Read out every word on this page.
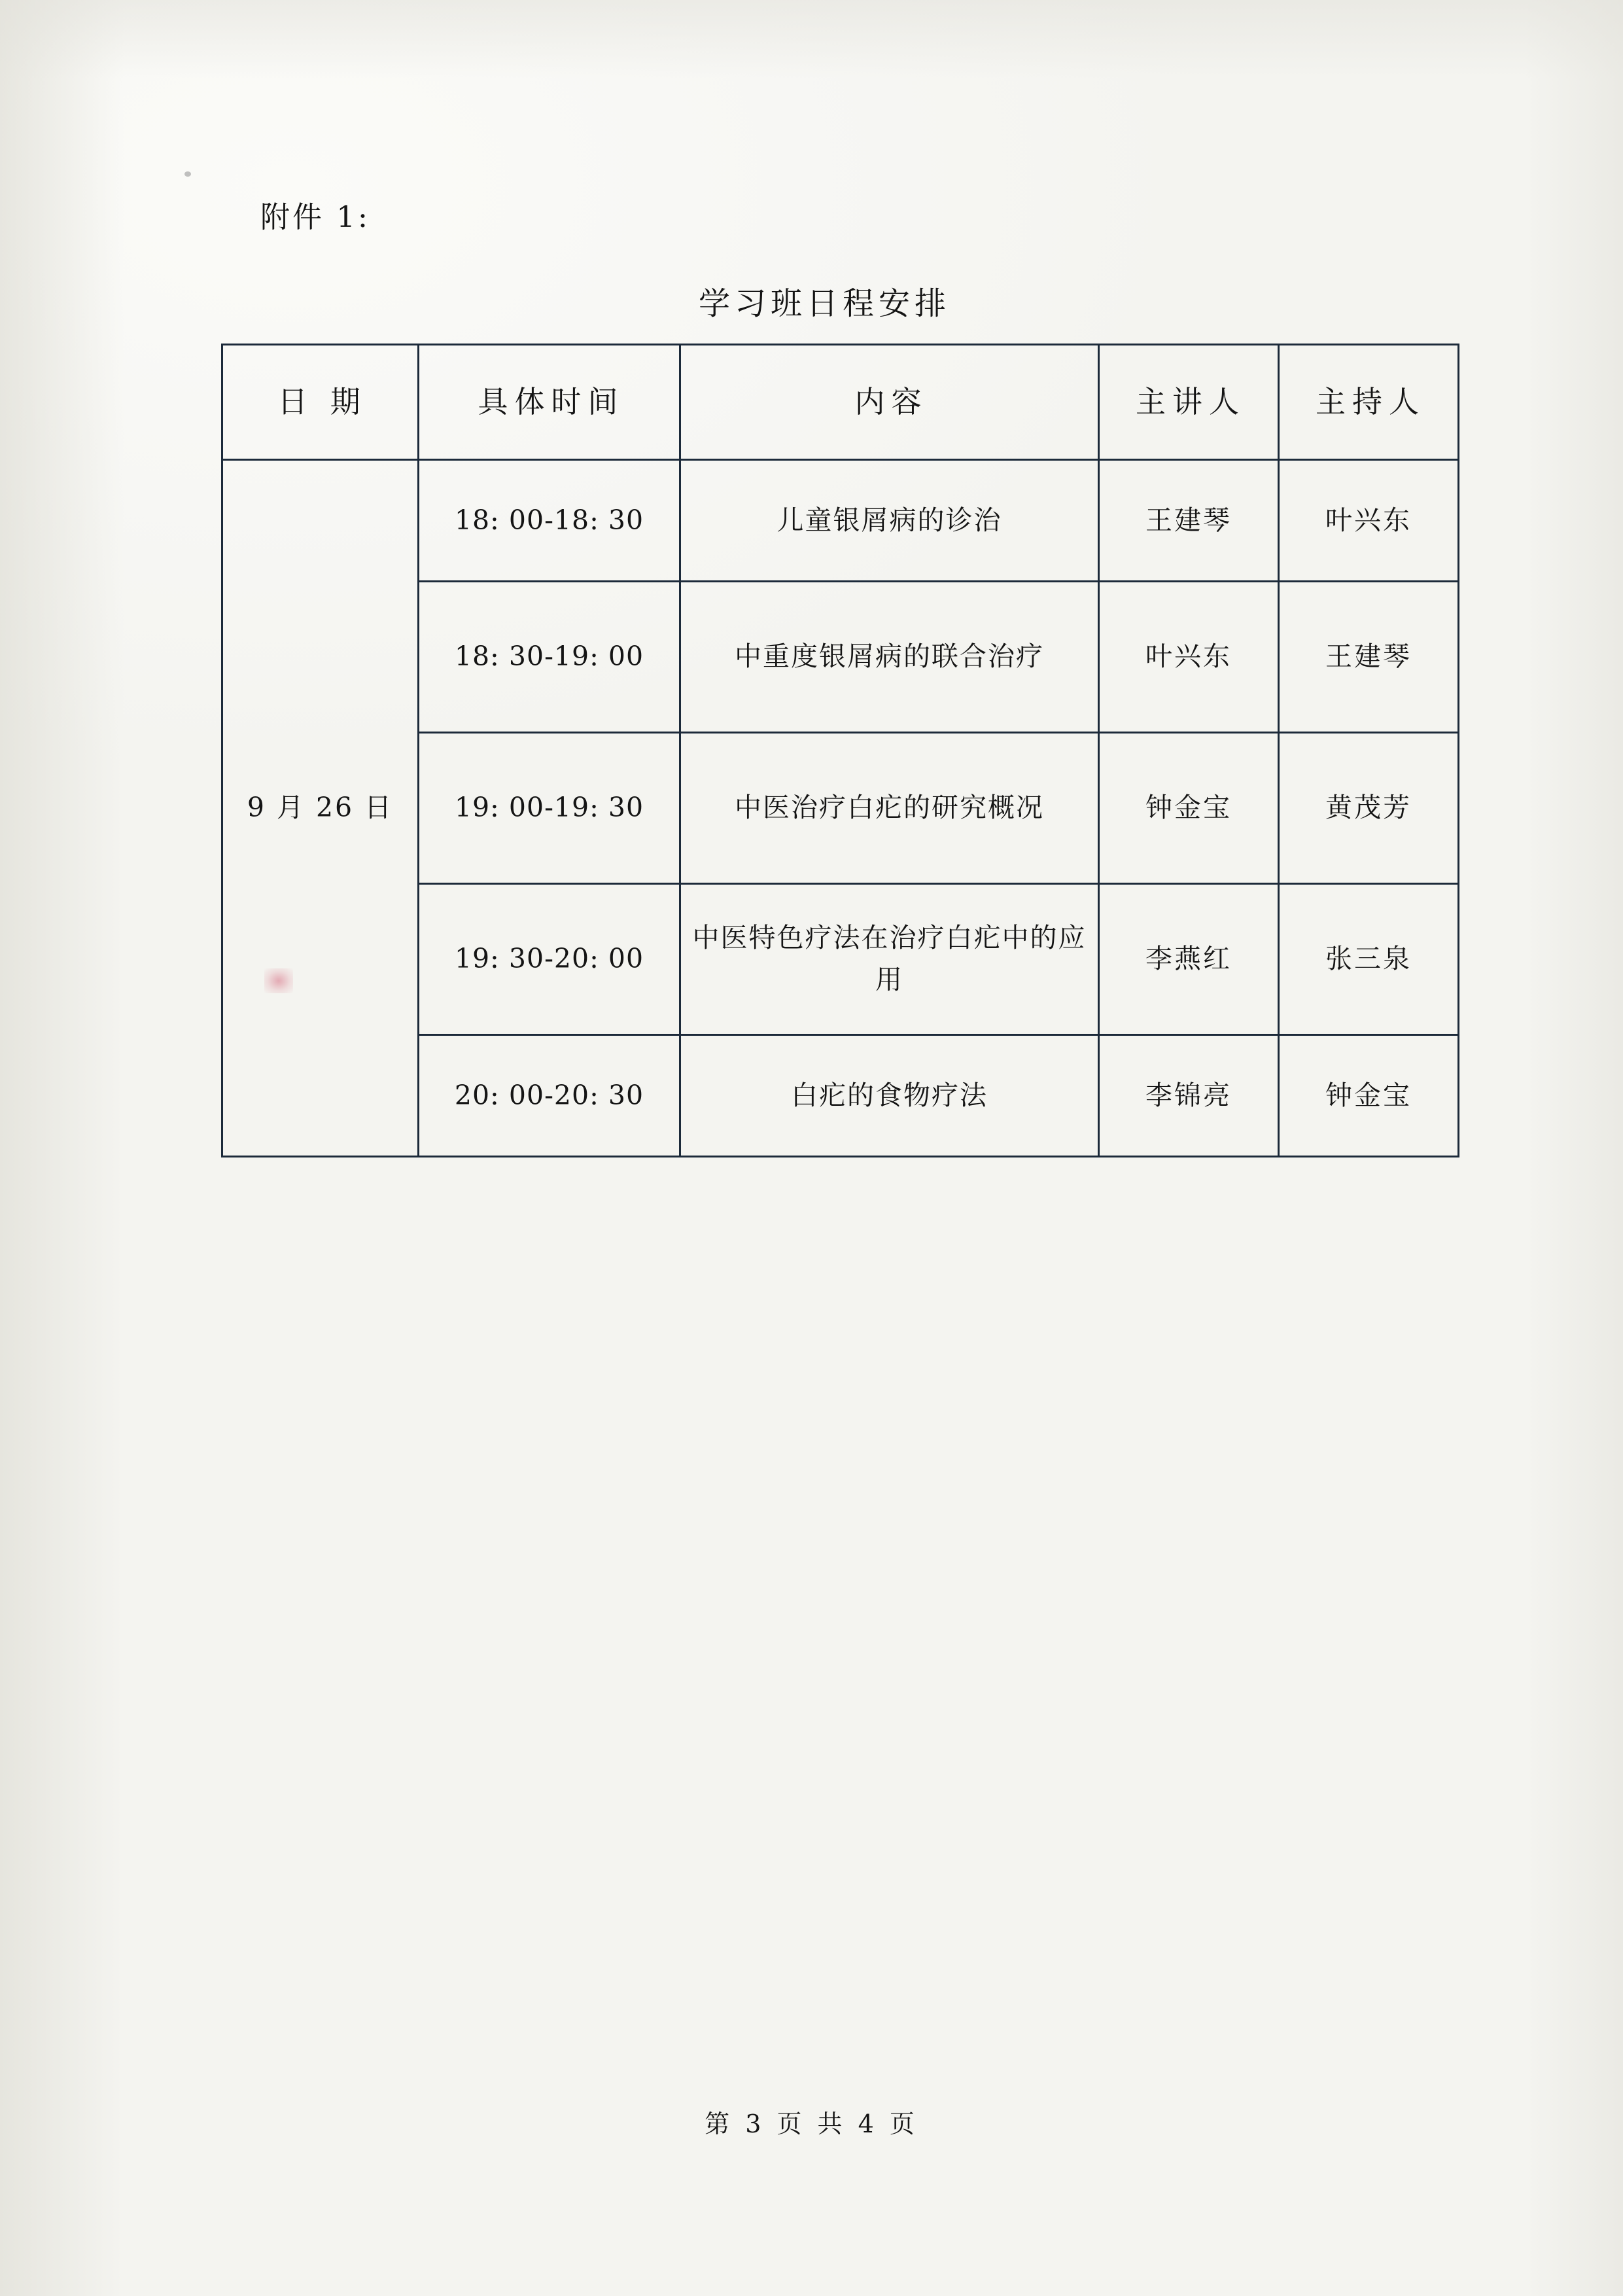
附件 1:
学习班日程安排
日 期	具体时间	内容	主讲人	主持人
9 月 26 日	18: 00-18: 30	儿童银屑病的诊治	王建琴	叶兴东
	18: 30-19: 00	中重度银屑病的联合治疗	叶兴东	王建琴
	19: 00-19: 30	中医治疗白疕的研究概况	钟金宝	黄茂芳
	19: 30-20: 00	中医特色疗法在治疗白疕中的应用	李燕红	张三泉
	20: 00-20: 30	白疕的食物疗法	李锦亮	钟金宝
第 3 页 共 4 页
